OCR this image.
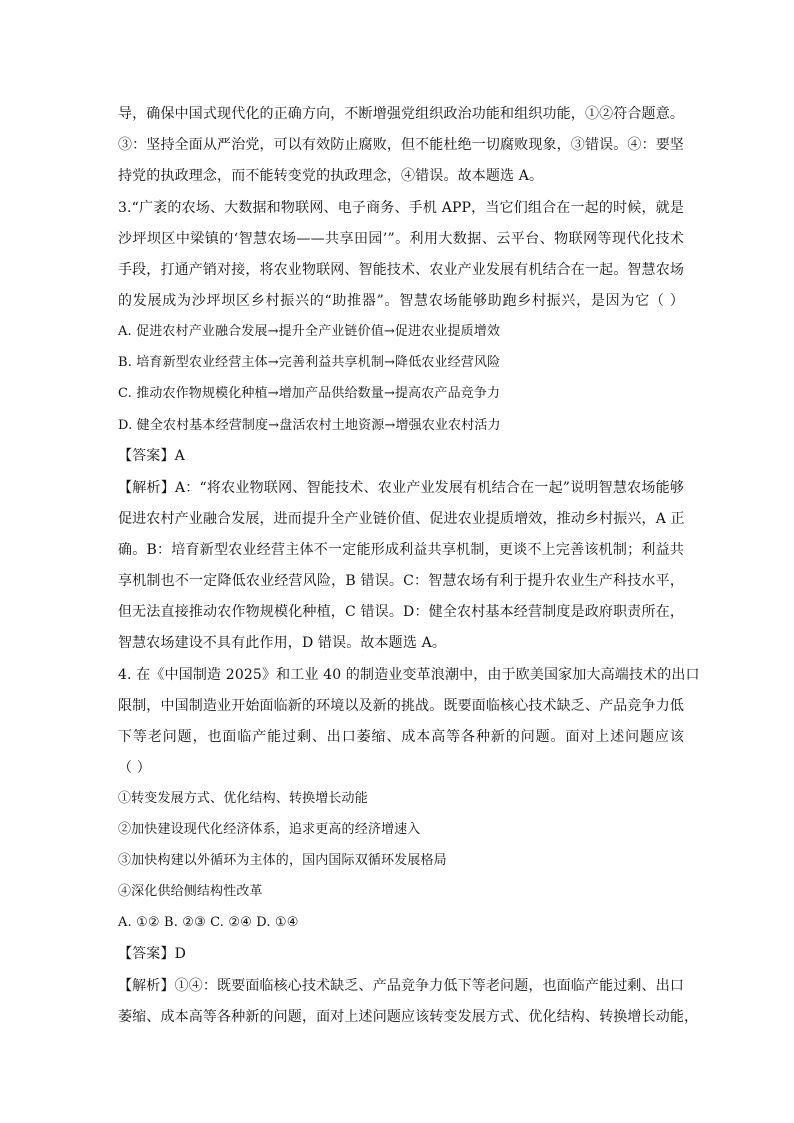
导，确保中国式现代化的正确方向，不断增强党组织政治功能和组织功能，①②符合题意。
③：坚持全面从严治党，可以有效防止腐败，但不能杜绝一切腐败现象，③错误。④：要坚
持党的执政理念，而不能转变党的执政理念，④错误。故本题选 A。
3.“广袤的农场、大数据和物联网、电子商务、手机 APP，当它们组合在一起的时候，就是
沙坪坝区中梁镇的‘智慧农场——共享田园’”。利用大数据、云平台、物联网等现代化技术
手段，打通产销对接，将农业物联网、智能技术、农业产业发展有机结合在一起。智慧农场
的发展成为沙坪坝区乡村振兴的“助推器”。智慧农场能够助跑乡村振兴，是因为它（ ）
A. 促进农村产业融合发展→提升全产业链价值→促进农业提质增效
B. 培育新型农业经营主体→完善利益共享机制→降低农业经营风险
C. 推动农作物规模化种植→增加产品供给数量→提高农产品竞争力
D. 健全农村基本经营制度→盘活农村土地资源→增强农业农村活力
【答案】A
【解析】A：“将农业物联网、智能技术、农业产业发展有机结合在一起”说明智慧农场能够
促进农村产业融合发展，进而提升全产业链价值、促进农业提质增效，推动乡村振兴，A 正
确。B：培育新型农业经营主体不一定能形成利益共享机制，更谈不上完善该机制；利益共
享机制也不一定降低农业经营风险，B 错误。C：智慧农场有利于提升农业生产科技水平，
但无法直接推动农作物规模化种植，C 错误。D：健全农村基本经营制度是政府职责所在，
智慧农场建设不具有此作用，D 错误。故本题选 A。
4. 在《中国制造 2025》和工业 40 的制造业变革浪潮中，由于欧美国家加大高端技术的出口
限制，中国制造业开始面临新的环境以及新的挑战。既要面临核心技术缺乏、产品竞争力低
下等老问题，也面临产能过剩、出口萎缩、成本高等各种新的问题。面对上述问题应该
（ ）
①转变发展方式、优化结构、转换增长动能
②加快建设现代化经济体系，追求更高的经济增速入
③加快构建以外循环为主体的，国内国际双循环发展格局
④深化供给侧结构性改革
A. ①② B. ②③ C. ②④ D. ①④
【答案】D
【解析】①④：既要面临核心技术缺乏、产品竞争力低下等老问题，也面临产能过剩、出口
萎缩、成本高等各种新的问题，面对上述问题应该转变发展方式、优化结构、转换增长动能，
